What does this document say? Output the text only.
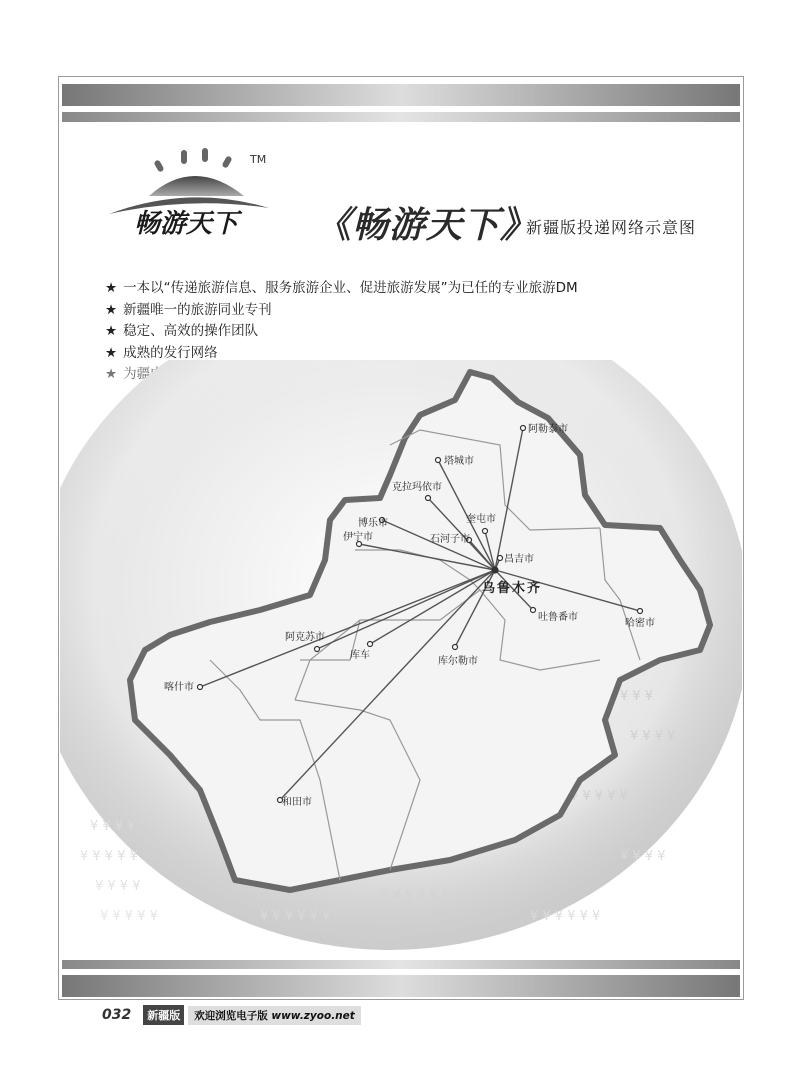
畅游天下
TM
《畅游天下》
新疆版投递网络示意图
★ 一本以“传递旅游信息、服务旅游企业、促进旅游发展”为已任的专业旅游DM
★ 新疆唯一的旅游同业专刊
★ 稳定、高效的操作团队
★ 成熟的发行网络
阿勒泰市
塔城市
克拉玛依市
奎屯市
博乐市
伊宁市	石河子市
昌吉市
吐鲁番市
哈密市
阿克苏市
库车
库尔勒市
喀什市
和田市
乌鲁木齐
032	新疆版	欢迎浏览电子版 www.zyoo.net
